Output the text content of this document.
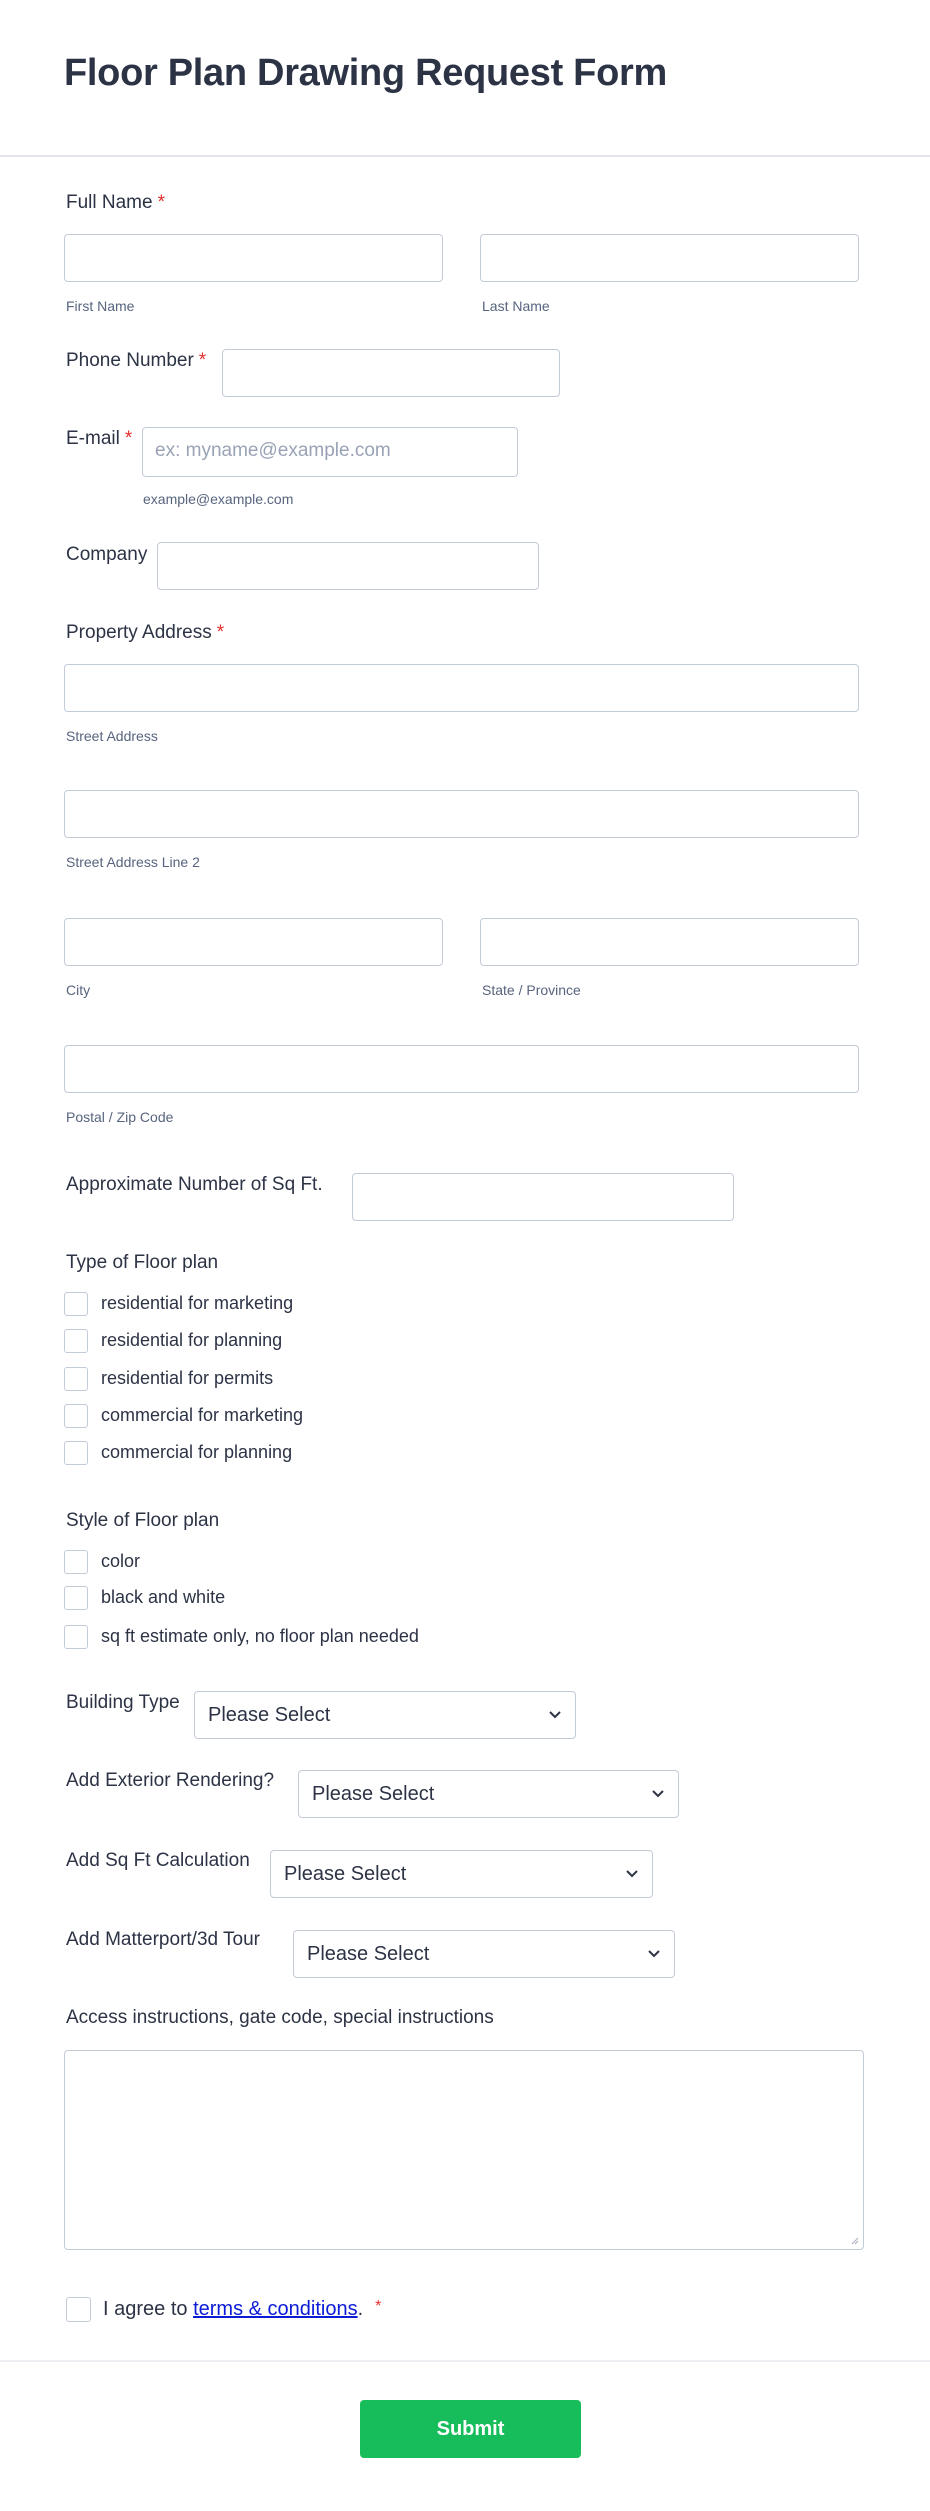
Floor Plan Drawing Request Form
Full Name *
First Name	Last Name
Phone Number *
E-mail *
ex: myname@example.com
example@example.com
Company
Property Address *
Street Address
Street Address Line 2
City	State / Province
Postal / Zip Code
Approximate Number of Sq Ft.
Type of Floor plan
residential for marketing
residential for planning
residential for permits
commercial for marketing
commercial for planning
Style of Floor plan
color
black and white
sq ft estimate only, no floor plan needed
Building Type
Please Select
Add Exterior Rendering?
Please Select
Add Sq Ft Calculation
Please Select
Add Matterport/3d Tour
Please Select
Access instructions, gate code, special instructions
I agree to terms & conditions. *
Submit
